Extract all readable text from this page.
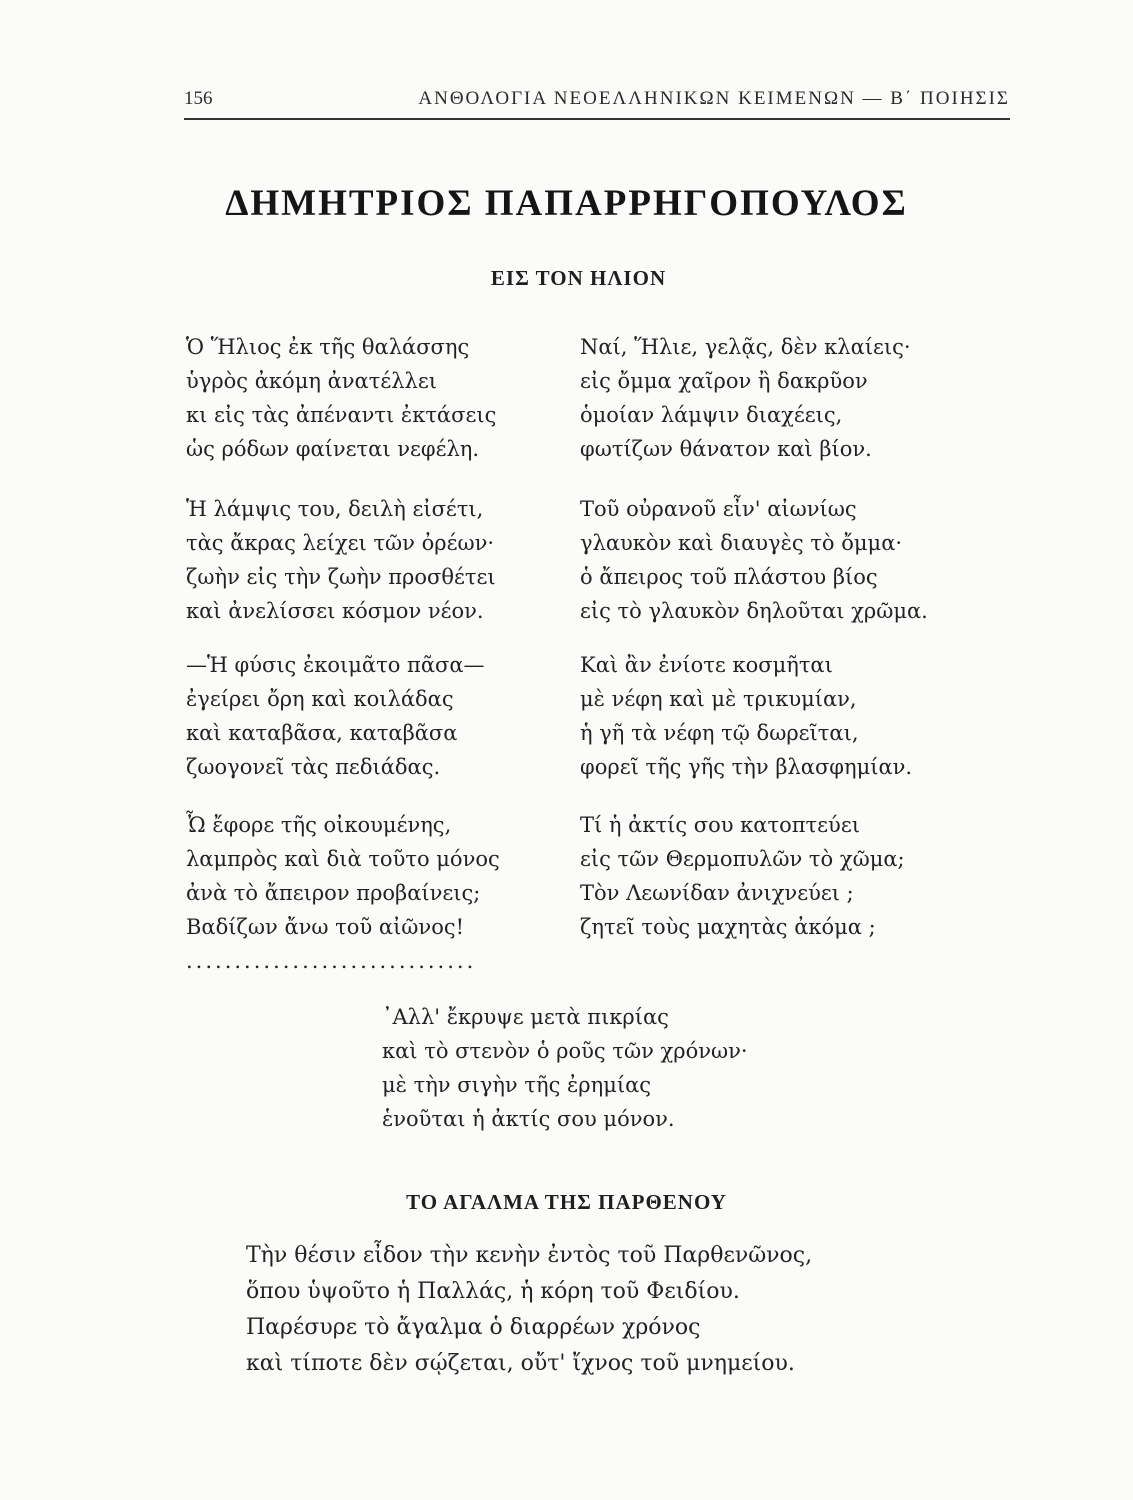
156	ΑΝΘΟΛΟΓΙΑ ΝΕΟΕΛΛΗΝΙΚΩΝ ΚΕΙΜΕΝΩΝ — Β΄ ΠΟΙΗΣΙΣ
ΔΗΜΗΤΡΙΟΣ ΠΑΠΑΡΡΗΓΟΠΟΥΛΟΣ
ΕΙΣ ΤΟΝ ΗΛΙΟΝ
Ὁ Ἥλιος ἐκ τῆς θαλάσσης
ὑγρὸς ἀκόμη ἀνατέλλει
κι εἰς τὰς ἀπέναντι ἐκτάσεις
ὡς ρόδων φαίνεται νεφέλη.
Ἡ λάμψις του, δειλὴ εἰσέτι,
τὰς ἄκρας λείχει τῶν ὀρέων·
ζωὴν εἰς τὴν ζωὴν προσθέτει
καὶ ἀνελίσσει κόσμον νέον.
—Ἡ φύσις ἐκοιμᾶτο πᾶσα—
ἐγείρει ὄρη καὶ κοιλάδας
καὶ καταβᾶσα, καταβᾶσα
ζωογονεῖ τὰς πεδιάδας.
Ὦ ἔφορε τῆς οἰκουμένης,
λαμπρὸς καὶ διὰ τοῦτο μόνος
ἀνὰ τὸ ἄπειρον προβαίνεις;
Βαδίζων ἄνω τοῦ αἰῶνος!
..............................
Ναί, Ἥλιε, γελᾷς, δὲν κλαίεις·
εἰς ὄμμα χαῖρον ἢ δακρῦον
ὁμοίαν λάμψιν διαχέεις,
φωτίζων θάνατον καὶ βίον.
Τοῦ οὐρανοῦ εἶν' αἰωνίως
γλαυκὸν καὶ διαυγὲς τὸ ὄμμα·
ὁ ἄπειρος τοῦ πλάστου βίος
εἰς τὸ γλαυκὸν δηλοῦται χρῶμα.
Καὶ ἂν ἐνίοτε κοσμῆται
μὲ νέφη καὶ μὲ τρικυμίαν,
ἡ γῆ τὰ νέφη τῷ δωρεῖται,
φορεῖ τῆς γῆς τὴν βλασφημίαν.
Τί ἡ ἀκτίς σου κατοπτεύει
εἰς τῶν Θερμοπυλῶν τὸ χῶμα;
Τὸν Λεωνίδαν ἀνιχνεύει ;
ζητεῖ τοὺς μαχητὰς ἀκόμα ;
᾿Αλλ' ἔκρυψε μετὰ πικρίας
καὶ τὸ στενὸν ὁ ροῦς τῶν χρόνων·
μὲ τὴν σιγὴν τῆς ἐρημίας
ἑνοῦται ἡ ἀκτίς σου μόνον.
ΤΟ ΑΓΑΛΜΑ ΤΗΣ ΠΑΡΘΕΝΟΥ
Τὴν θέσιν εἶδον τὴν κενὴν ἐντὸς τοῦ Παρθενῶνος,
ὅπου ὑψοῦτο ἡ Παλλάς, ἡ κόρη τοῦ Φειδίου.
Παρέσυρε τὸ ἄγαλμα ὁ διαρρέων χρόνος
καὶ τίποτε δὲν σῴζεται, οὔτ' ἴχνος τοῦ μνημείου.
